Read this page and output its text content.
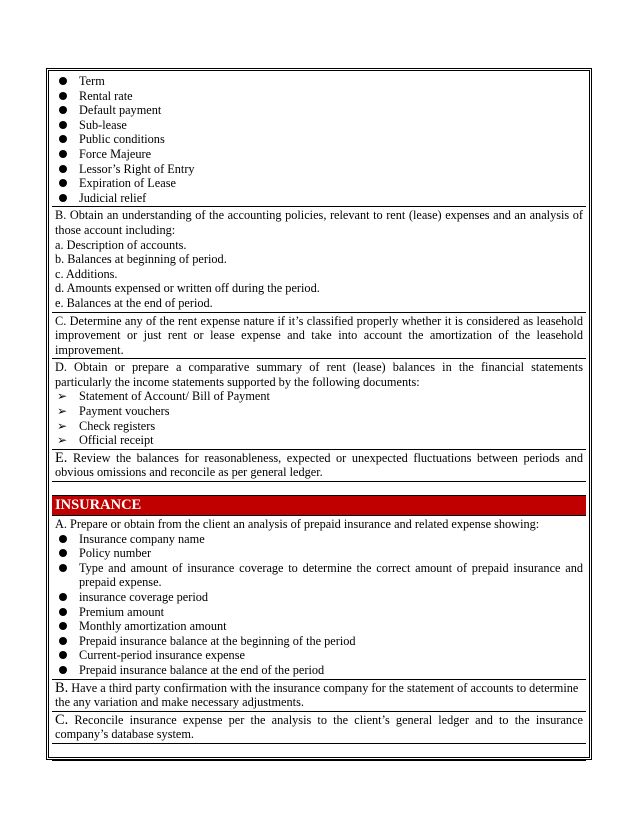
Term
Rental rate
Default payment
Sub-lease
Public conditions
Force Majeure
Lessor’s Right of Entry
Expiration of Lease
Judicial relief
B. Obtain an understanding of the accounting policies, relevant to rent (lease) expenses and an analysis of those account including:
a. Description of accounts.
b. Balances at beginning of period.
c. Additions.
d. Amounts expensed or written off during the period.
e. Balances at the end of period.
C. Determine any of the rent expense nature if it’s classified properly whether it is considered as leasehold improvement or just rent or lease expense and take into account the amortization of the leasehold improvement.
D. Obtain or prepare a comparative summary of rent (lease) balances in the financial statements particularly the income statements supported by the following documents:
➢ Statement of Account/ Bill of Payment
➢ Payment vouchers
➢ Check registers
➢ Official receipt
E. Review the balances for reasonableness, expected or unexpected fluctuations between periods and obvious omissions and reconcile as per general ledger.
INSURANCE
A. Prepare or obtain from the client an analysis of prepaid insurance and related expense showing:
Insurance company name
Policy number
Type and amount of insurance coverage to determine the correct amount of prepaid insurance and prepaid expense.
insurance coverage period
Premium amount
Monthly amortization amount
Prepaid insurance balance at the beginning of the period
Current-period insurance expense
Prepaid insurance balance at the end of the period
B. Have a third party confirmation with the insurance company for the statement of accounts to determine the any variation and make necessary adjustments.
C. Reconcile insurance expense per the analysis to the client’s general ledger and to the insurance company’s database system.
